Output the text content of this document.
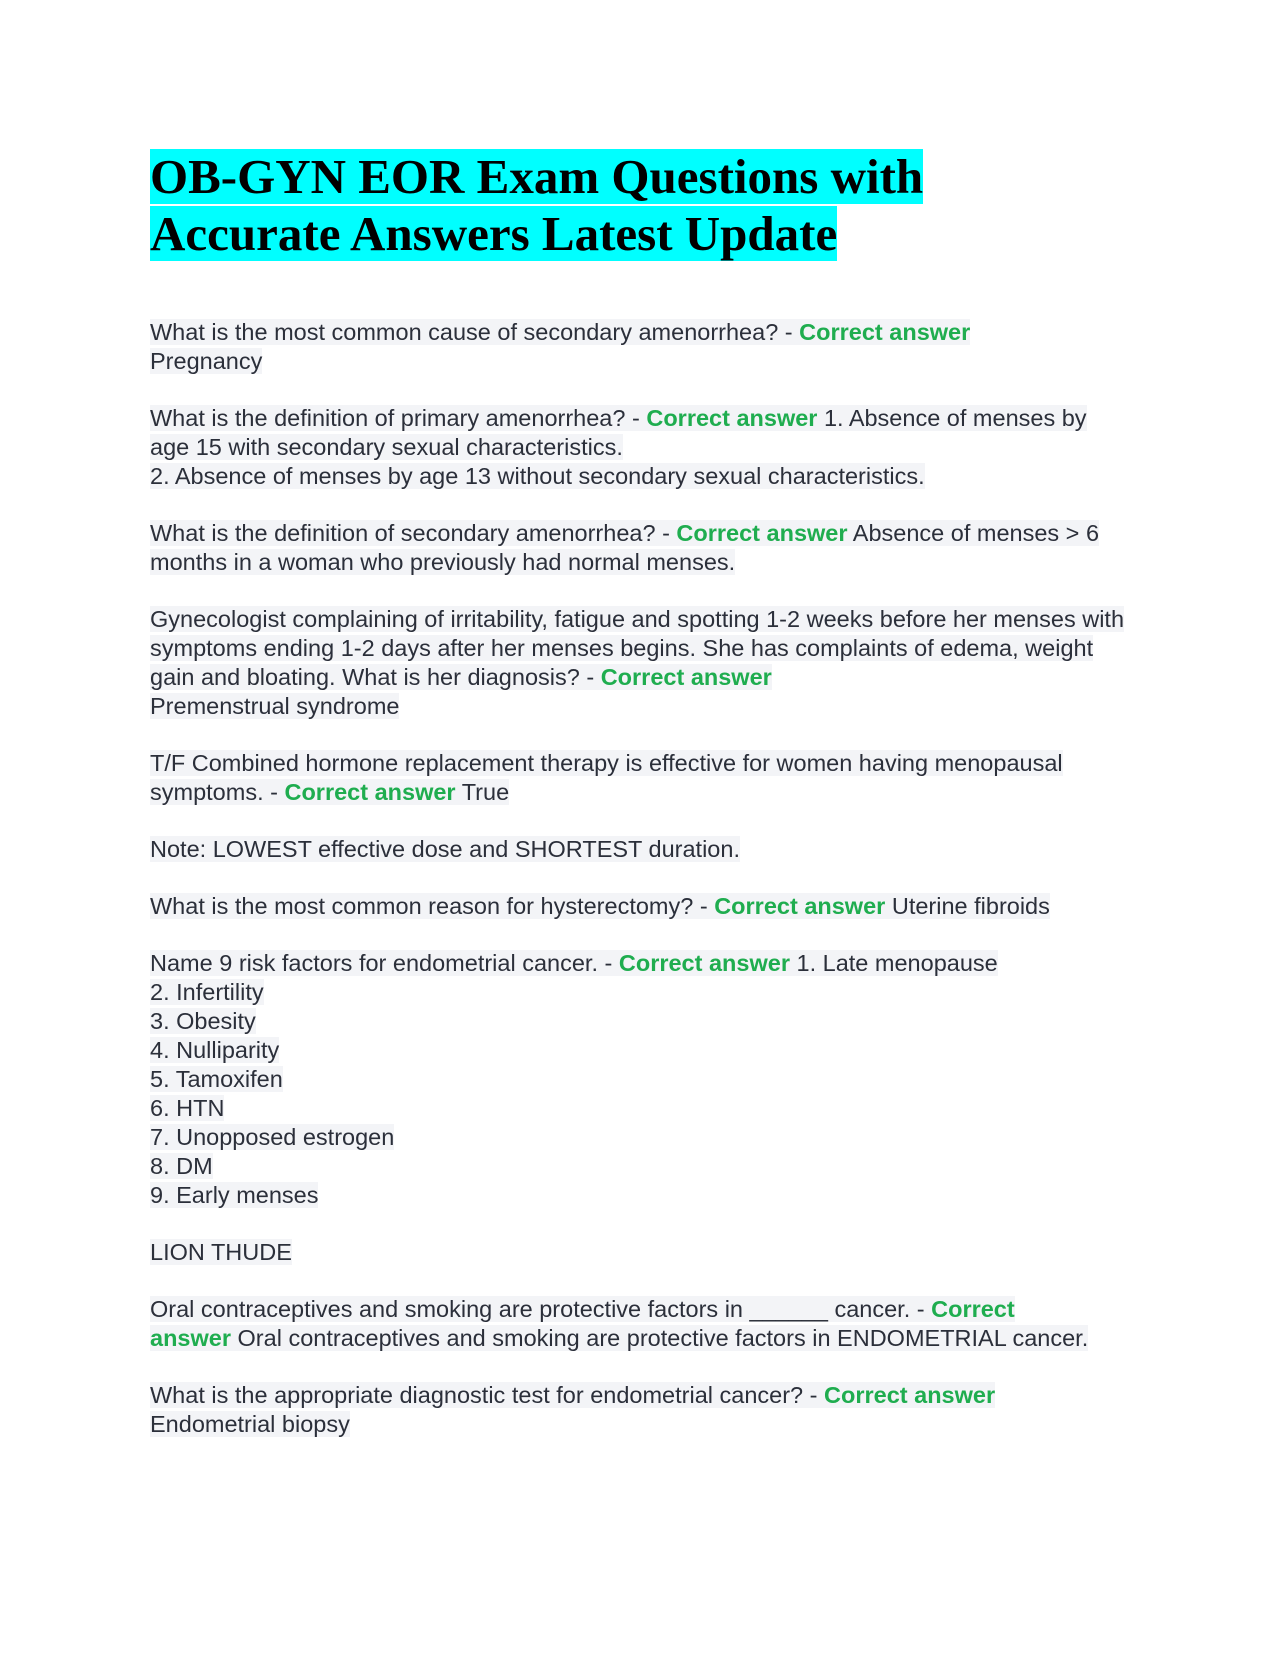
OB-GYN EOR Exam Questions with
Accurate Answers Latest Update

What is the most common cause of secondary amenorrhea? - Correct answer
Pregnancy

What is the definition of primary amenorrhea? - Correct answer 1. Absence of menses by age 15 with secondary sexual characteristics.
2. Absence of menses by age 13 without secondary sexual characteristics.

What is the definition of secondary amenorrhea? - Correct answer Absence of menses > 6 months in a woman who previously had normal menses.

Gynecologist complaining of irritability, fatigue and spotting 1-2 weeks before her menses with symptoms ending 1-2 days after her menses begins. She has complaints of edema, weight gain and bloating. What is her diagnosis? - Correct answer
Premenstrual syndrome

T/F Combined hormone replacement therapy is effective for women having menopausal symptoms. - Correct answer True

Note: LOWEST effective dose and SHORTEST duration.

What is the most common reason for hysterectomy? - Correct answer Uterine fibroids

Name 9 risk factors for endometrial cancer. - Correct answer 1. Late menopause
2. Infertility
3. Obesity
4. Nulliparity
5. Tamoxifen
6. HTN
7. Unopposed estrogen
8. DM
9. Early menses

LION THUDE

Oral contraceptives and smoking are protective factors in ______ cancer. - Correct
answer Oral contraceptives and smoking are protective factors in ENDOMETRIAL cancer.

What is the appropriate diagnostic test for endometrial cancer? - Correct answer
Endometrial biopsy
